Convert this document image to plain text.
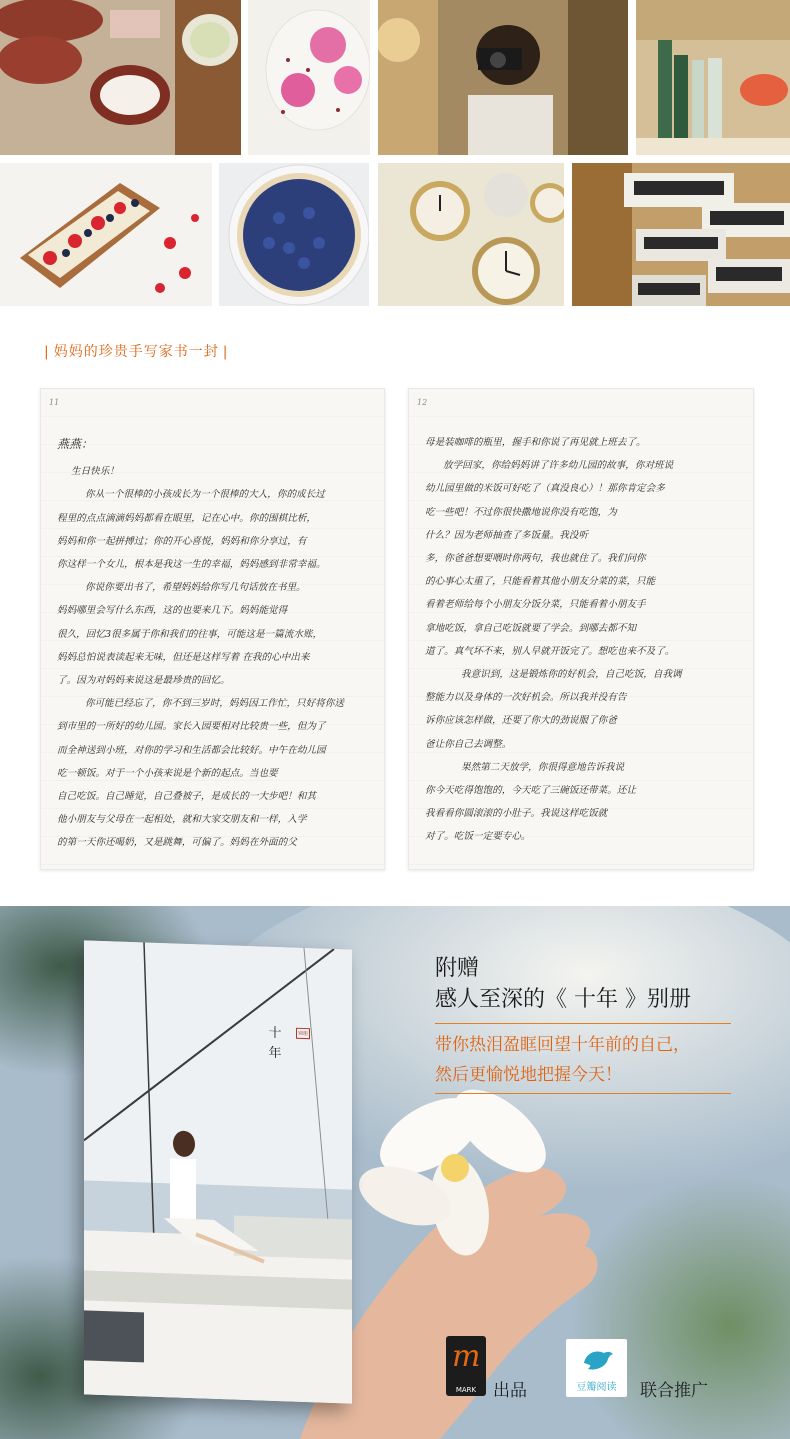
| 妈妈的珍贵手写家书一封 |
11

燕燕：

生日快乐！

你从一个很棒的小孩成长为一个很棒的大人，你的成长过

程里的点点滴滴妈妈都看在眼里，记在心中。你的围棋比析，

妈妈和你一起拼搏过；你的开心喜悦，妈妈和你分享过，有

你这样一个女儿，根本是我这一生的幸福，妈妈感到非常幸福。

你说你要出书了，希望妈妈给你写几句话放在书里。

妈妈哪里会写什么东西，这的也要来几下。妈妈能觉得

很久，回忆3很多属于你和我们的往事，可能这是一篇流水账，

妈妈总怕说表读起来无味，但还是这样写着 在我的心中出来

了。因为对妈妈来说这是最珍贵的回忆。

你可能已经忘了，你不到三岁时，妈妈因工作忙，只好将你送

到市里的一所好的幼儿园。家长入园要相对比较贵一些，但为了

而全神送到小班，对你的学习和生活都会比较好。中午在幼儿园

吃一顿饭。对于一个小孩来说是个新的起点。当也要

自己吃饭。自己睡觉，自己叠被子，是成长的一大步吧！和其

他小朋友与父母在一起相处，就和大家交朋友和一样，入学

的第一天你还喝奶，又是跳舞，可偏了。妈妈在外面的父

12

母是装咖啡的瓶里，握手和你说了再见就上班去了。

放学回家，你给妈妈讲了许多幼儿园的故事，你对班说

幼儿园里做的米饭可好吃了（真没良心）！那你肯定会多

吃一些吧！不过你很快撒地说你没有吃饱，为

什么？因为老师抽查了多饭量。我没听

多，你爸爸想要喂时你两句，我也就住了。我们问你

的心事心太重了，只能看着其他小朋友分菜的菜，只能

看着老师给每个小朋友分饭分菜，只能看着小朋友手

拿地吃饭，拿自己吃饭就要了学会。到哪去都不知

道了。真气坏不来，别人早就开饭完了。想吃也来不及了。

我意识到，这是锻炼你的好机会，自己吃饭，自我调

整能力以及身体的一次好机会。所以我并没有告

诉你应该怎样做，还要了你大的劲说服了你爸

爸让你自己去调整。

果然第二天放学，你很得意地告诉我说

你今天吃得饱饱的，今天吃了三碗饭还带菜。还让

我看看你圆滚滚的小肚子。我说这样吃饭就

对了。吃饭一定要专心。

十
年
别册
附赠
感人至深的《 十年 》别册
带你热泪盈眶回望十年前的自己，
然后更愉悦地把握今天！
m
MARK 出品	豆瓣阅读	联合推广
